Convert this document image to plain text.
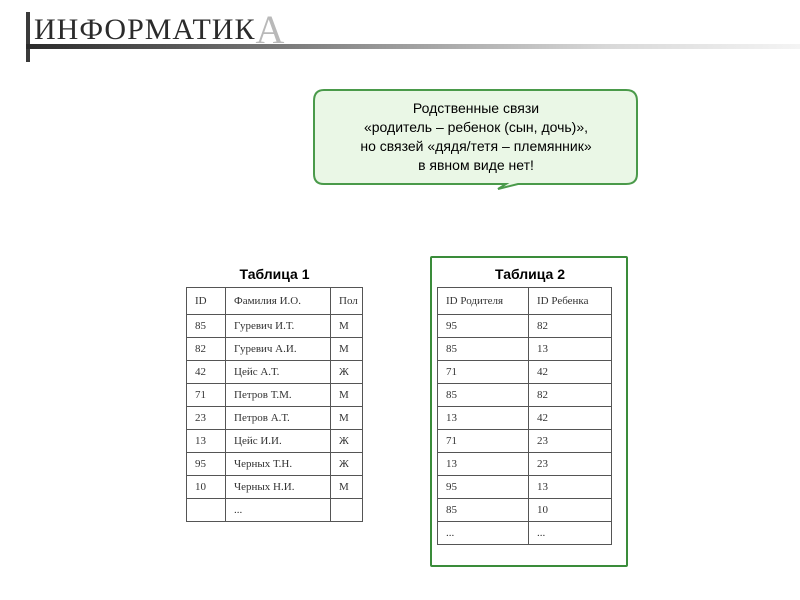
ИНФОРМАТИКА
Родственные связи
«родитель – ребенок (сын, дочь)»,
но связей «дядя/тетя – племянник»
в явном виде нет!
Таблица 1
ID	Фамилия И.О.	Пол
85	Гуревич И.Т.	М
82	Гуревич А.И.	М
42	Цейс А.Т.	Ж
71	Петров Т.М.	М
23	Петров А.Т.	М
13	Цейс И.И.	Ж
95	Черных Т.Н.	Ж
10	Черных Н.И.	М
	...	
Таблица 2
ID Родителя	ID Ребенка
95	82
85	13
71	42
85	82
13	42
71	23
13	23
95	13
85	10
...	...
